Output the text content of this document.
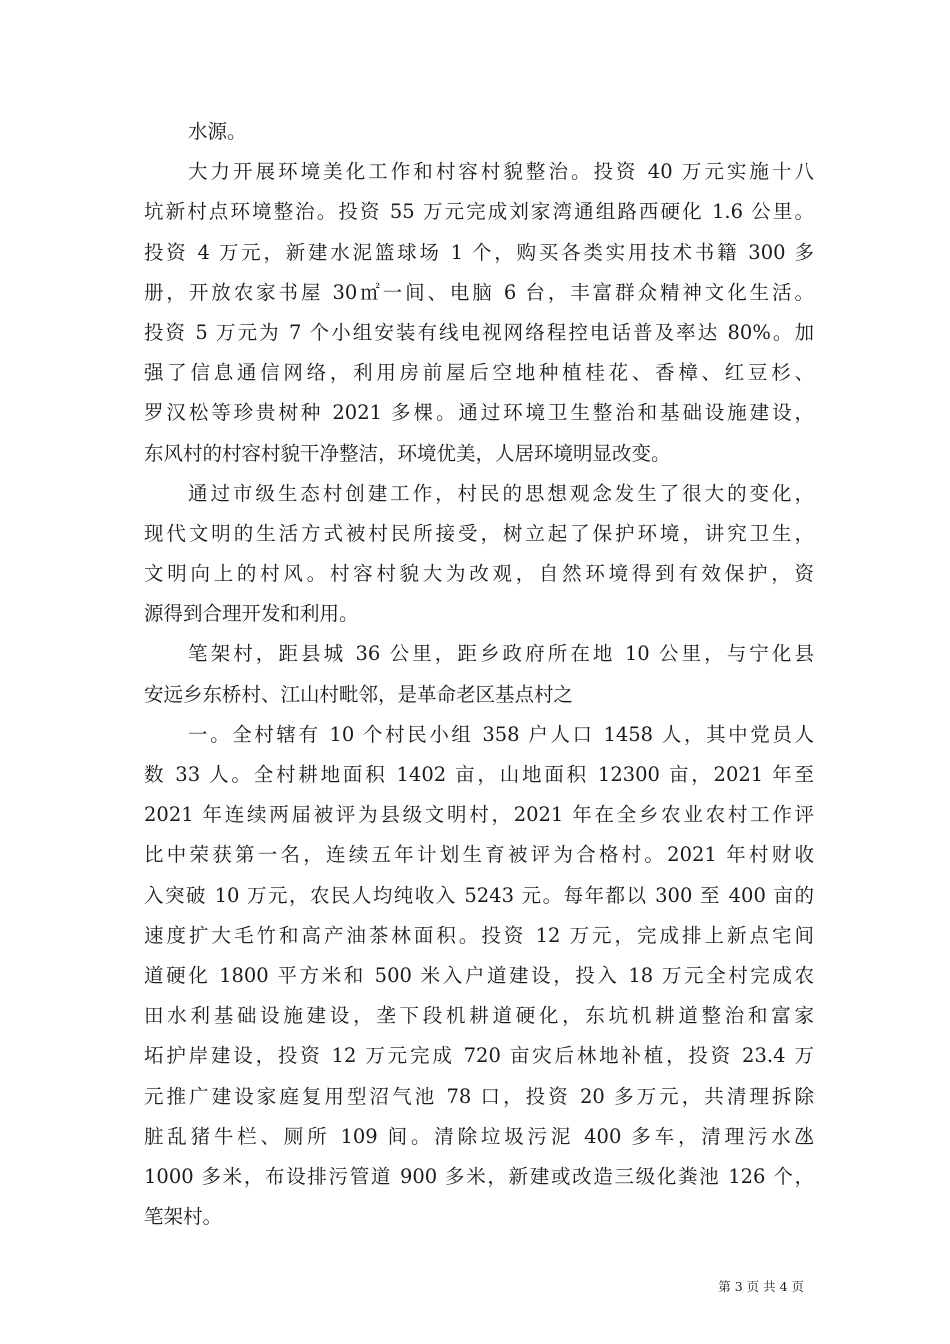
水源。
大力开展环境美化工作和村容村貌整治。投资 40 万元实施十八
坑新村点环境整治。投资 55 万元完成刘家湾通组路西硬化 1.6 公里。
投资 4 万元，新建水泥篮球场 1 个，购买各类实用技术书籍 300 多
册，开放农家书屋 30㎡一间、电脑 6 台，丰富群众精神文化生活。
投资 5 万元为 7 个小组安装有线电视网络程控电话普及率达 80%。加
强了信息通信网络，利用房前屋后空地种植桂花、香樟、红豆杉、
罗汉松等珍贵树种 2021 多棵。通过环境卫生整治和基础设施建设，
东风村的村容村貌干净整洁，环境优美，人居环境明显改变。
通过市级生态村创建工作，村民的思想观念发生了很大的变化，
现代文明的生活方式被村民所接受，树立起了保护环境，讲究卫生，
文明向上的村风。村容村貌大为改观，自然环境得到有效保护，资
源得到合理开发和利用。
笔架村，距县城 36 公里，距乡政府所在地 10 公里，与宁化县
安远乡东桥村、江山村毗邻，是革命老区基点村之
一。全村辖有 10 个村民小组 358 户人口 1458 人，其中党员人
数 33 人。全村耕地面积 1402 亩，山地面积 12300 亩，2021 年至
2021 年连续两届被评为县级文明村，2021 年在全乡农业农村工作评
比中荣获第一名，连续五年计划生育被评为合格村。2021 年村财收
入突破 10 万元，农民人均纯收入 5243 元。每年都以 300 至 400 亩的
速度扩大毛竹和高产油茶林面积。投资 12 万元，完成排上新点宅间
道硬化 1800 平方米和 500 米入户道建设，投入 18 万元全村完成农
田水利基础设施建设，垄下段机耕道硬化，东坑机耕道整治和富家
坧护岸建设，投资 12 万元完成 720 亩灾后林地补植，投资 23.4 万
元推广建设家庭复用型沼气池 78 口，投资 20 多万元，共清理拆除
脏乱猪牛栏、厕所 109 间。清除垃圾污泥 400 多车，清理污水氹
1000 多米，布设排污管道 900 多米，新建或改造三级化粪池 126 个，
笔架村。
第 3 页 共 4 页
